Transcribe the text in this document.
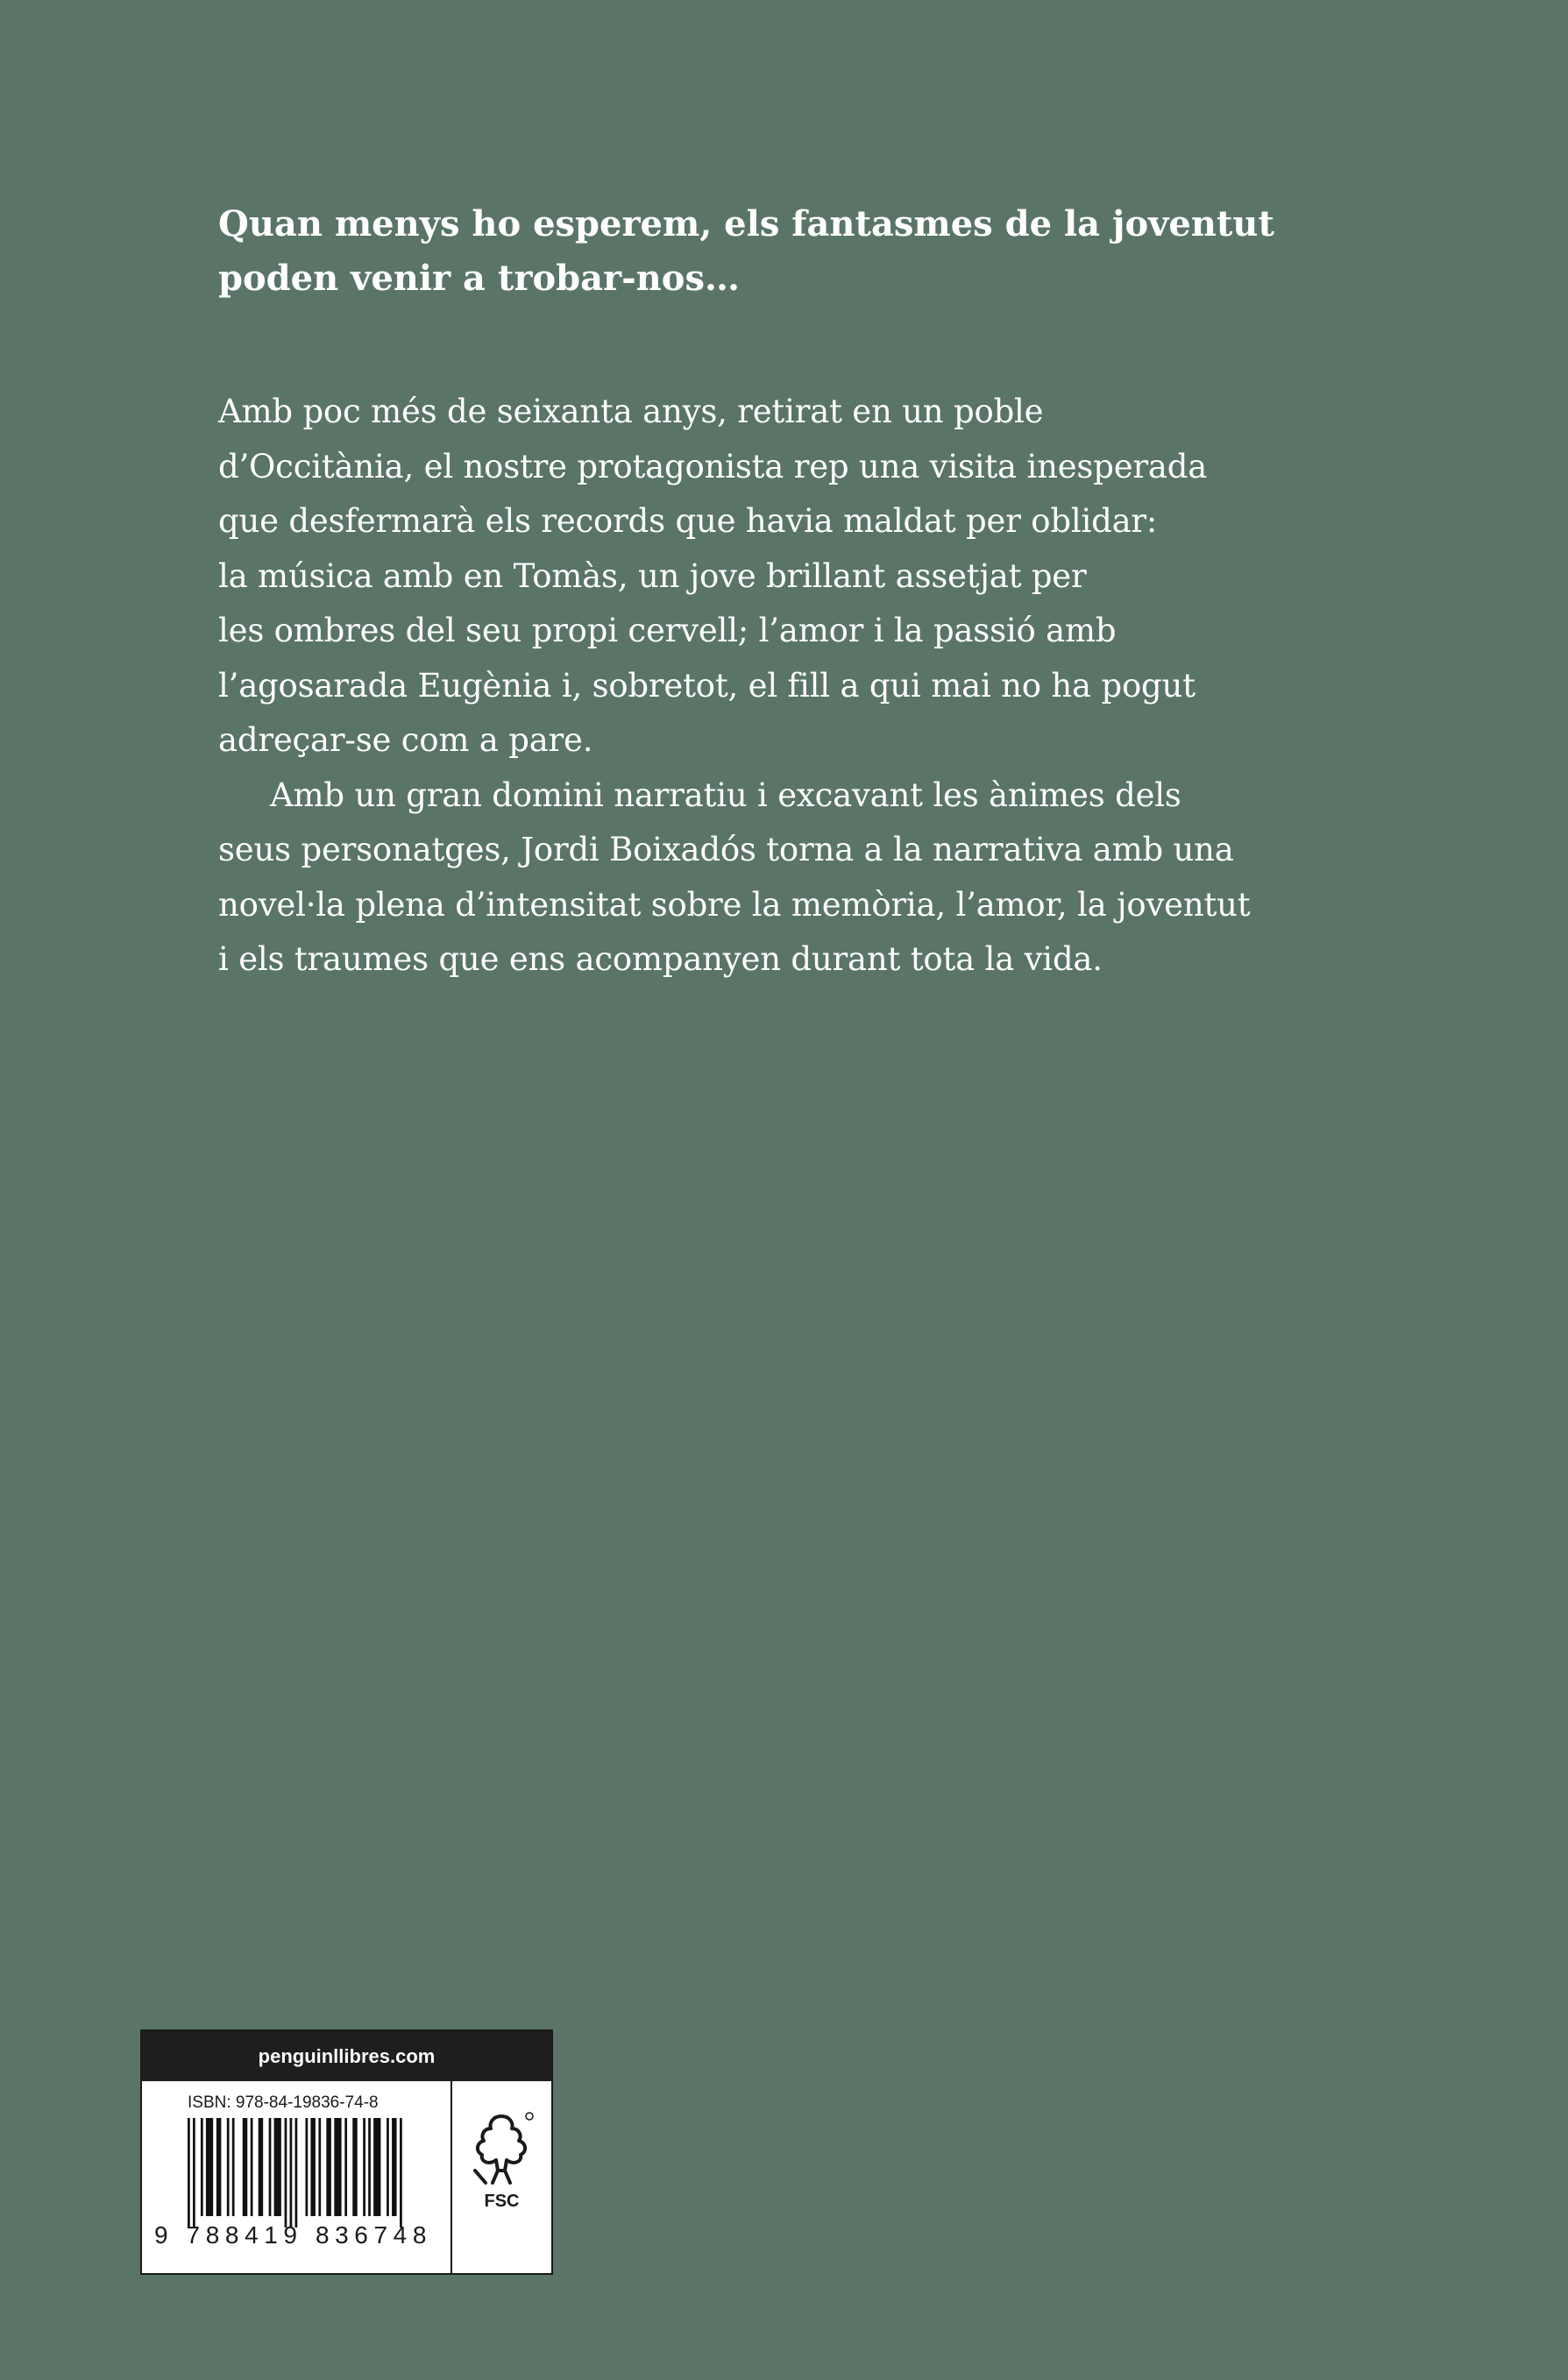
Quan menys ho esperem, els fantasmes de la joventut
poden venir a trobar-nos…
Amb poc més de seixanta anys, retirat en un poble
d’Occitània, el nostre protagonista rep una visita inesperada
que desfermarà els records que havia maldat per oblidar:
la música amb en Tomàs, un jove brillant assetjat per
les ombres del seu propi cervell; l’amor i la passió amb
l’agosarada Eugènia i, sobretot, el fill a qui mai no ha pogut
adreçar-se com a pare.
Amb un gran domini narratiu i excavant les ànimes dels
seus personatges, Jordi Boixadós torna a la narrativa amb una
novel·la plena d’intensitat sobre la memòria, l’amor, la joventut
i els traumes que ens acompanyen durant tota la vida.
penguinllibres.com
ISBN: 978-84-19836-74-8
9 788419 836748
FSC
